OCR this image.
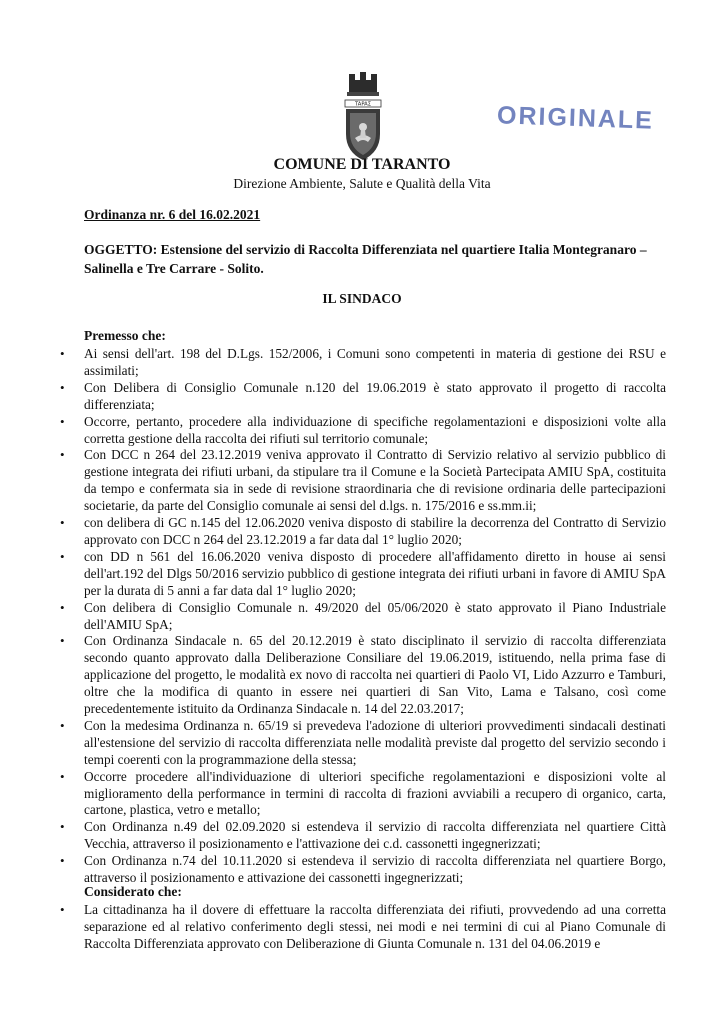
TAPAΣ	ORIGINALE
COMUNE DI TARANTO
Direzione Ambiente, Salute e Qualità della Vita
Ordinanza nr. 6 del 16.02.2021
OGGETTO: Estensione del servizio di Raccolta Differenziata nel quartiere Italia Montegranaro – Salinella e Tre Carrare - Solito.
IL SINDACO
Premesso che:
• Ai sensi dell'art. 198 del D.Lgs. 152/2006, i Comuni sono competenti in materia di gestione dei RSU e assimilati;
• Con Delibera di Consiglio Comunale n.120 del 19.06.2019 è stato approvato il progetto di raccolta differenziata;
• Occorre, pertanto, procedere alla individuazione di specifiche regolamentazioni e disposizioni volte alla corretta gestione della raccolta dei rifiuti sul territorio comunale;
• Con DCC n 264 del 23.12.2019 veniva approvato il Contratto di Servizio relativo al servizio pubblico di gestione integrata dei rifiuti urbani, da stipulare tra il Comune e la Società Partecipata AMIU SpA, costituita da tempo e confermata sia in sede di revisione straordinaria che di revisione ordinaria delle partecipazioni societarie, da parte del Consiglio comunale ai sensi del d.lgs. n. 175/2016 e ss.mm.ii;
• con delibera di GC n.145 del 12.06.2020 veniva disposto di stabilire la decorrenza del Contratto di Servizio approvato con DCC n 264 del 23.12.2019 a far data dal 1° luglio 2020;
• con DD n 561 del 16.06.2020 veniva disposto di procedere all'affidamento diretto in house ai sensi dell'art.192 del Dlgs 50/2016 servizio pubblico di gestione integrata dei rifiuti urbani in favore di AMIU SpA per la durata di 5 anni a far data dal 1° luglio 2020;
• Con delibera di Consiglio Comunale n. 49/2020 del 05/06/2020 è stato approvato il Piano Industriale dell'AMIU SpA;
• Con Ordinanza Sindacale n. 65 del 20.12.2019 è stato disciplinato il servizio di raccolta differenziata secondo quanto approvato dalla Deliberazione Consiliare del 19.06.2019, istituendo, nella prima fase di applicazione del progetto, le modalità ex novo di raccolta nei quartieri di Paolo VI, Lido Azzurro e Tamburi, oltre che la modifica di quanto in essere nei quartieri di San Vito, Lama e Talsano, così come precedentemente istituito da Ordinanza Sindacale n. 14 del 22.03.2017;
• Con la medesima Ordinanza n. 65/19 si prevedeva l'adozione di ulteriori provvedimenti sindacali destinati all'estensione del servizio di raccolta differenziata nelle modalità previste dal progetto del servizio secondo i tempi coerenti con la programmazione della stessa;
• Occorre procedere all'individuazione di ulteriori specifiche regolamentazioni e disposizioni volte al miglioramento della performance in termini di raccolta di frazioni avviabili a recupero di organico, carta, cartone, plastica, vetro e metallo;
• Con Ordinanza n.49 del 02.09.2020 si estendeva il servizio di raccolta differenziata nel quartiere Città Vecchia, attraverso il posizionamento e l'attivazione dei c.d. cassonetti ingegnerizzati;
• Con Ordinanza n.74 del 10.11.2020 si estendeva il servizio di raccolta differenziata nel quartiere Borgo, attraverso il posizionamento e attivazione dei cassonetti ingegnerizzati;
Considerato che:
• La cittadinanza ha il dovere di effettuare la raccolta differenziata dei rifiuti, provvedendo ad una corretta separazione ed al relativo conferimento degli stessi, nei modi e nei termini di cui al Piano Comunale di Raccolta Differenziata approvato con Deliberazione di Giunta Comunale n. 131 del 04.06.2019 e
